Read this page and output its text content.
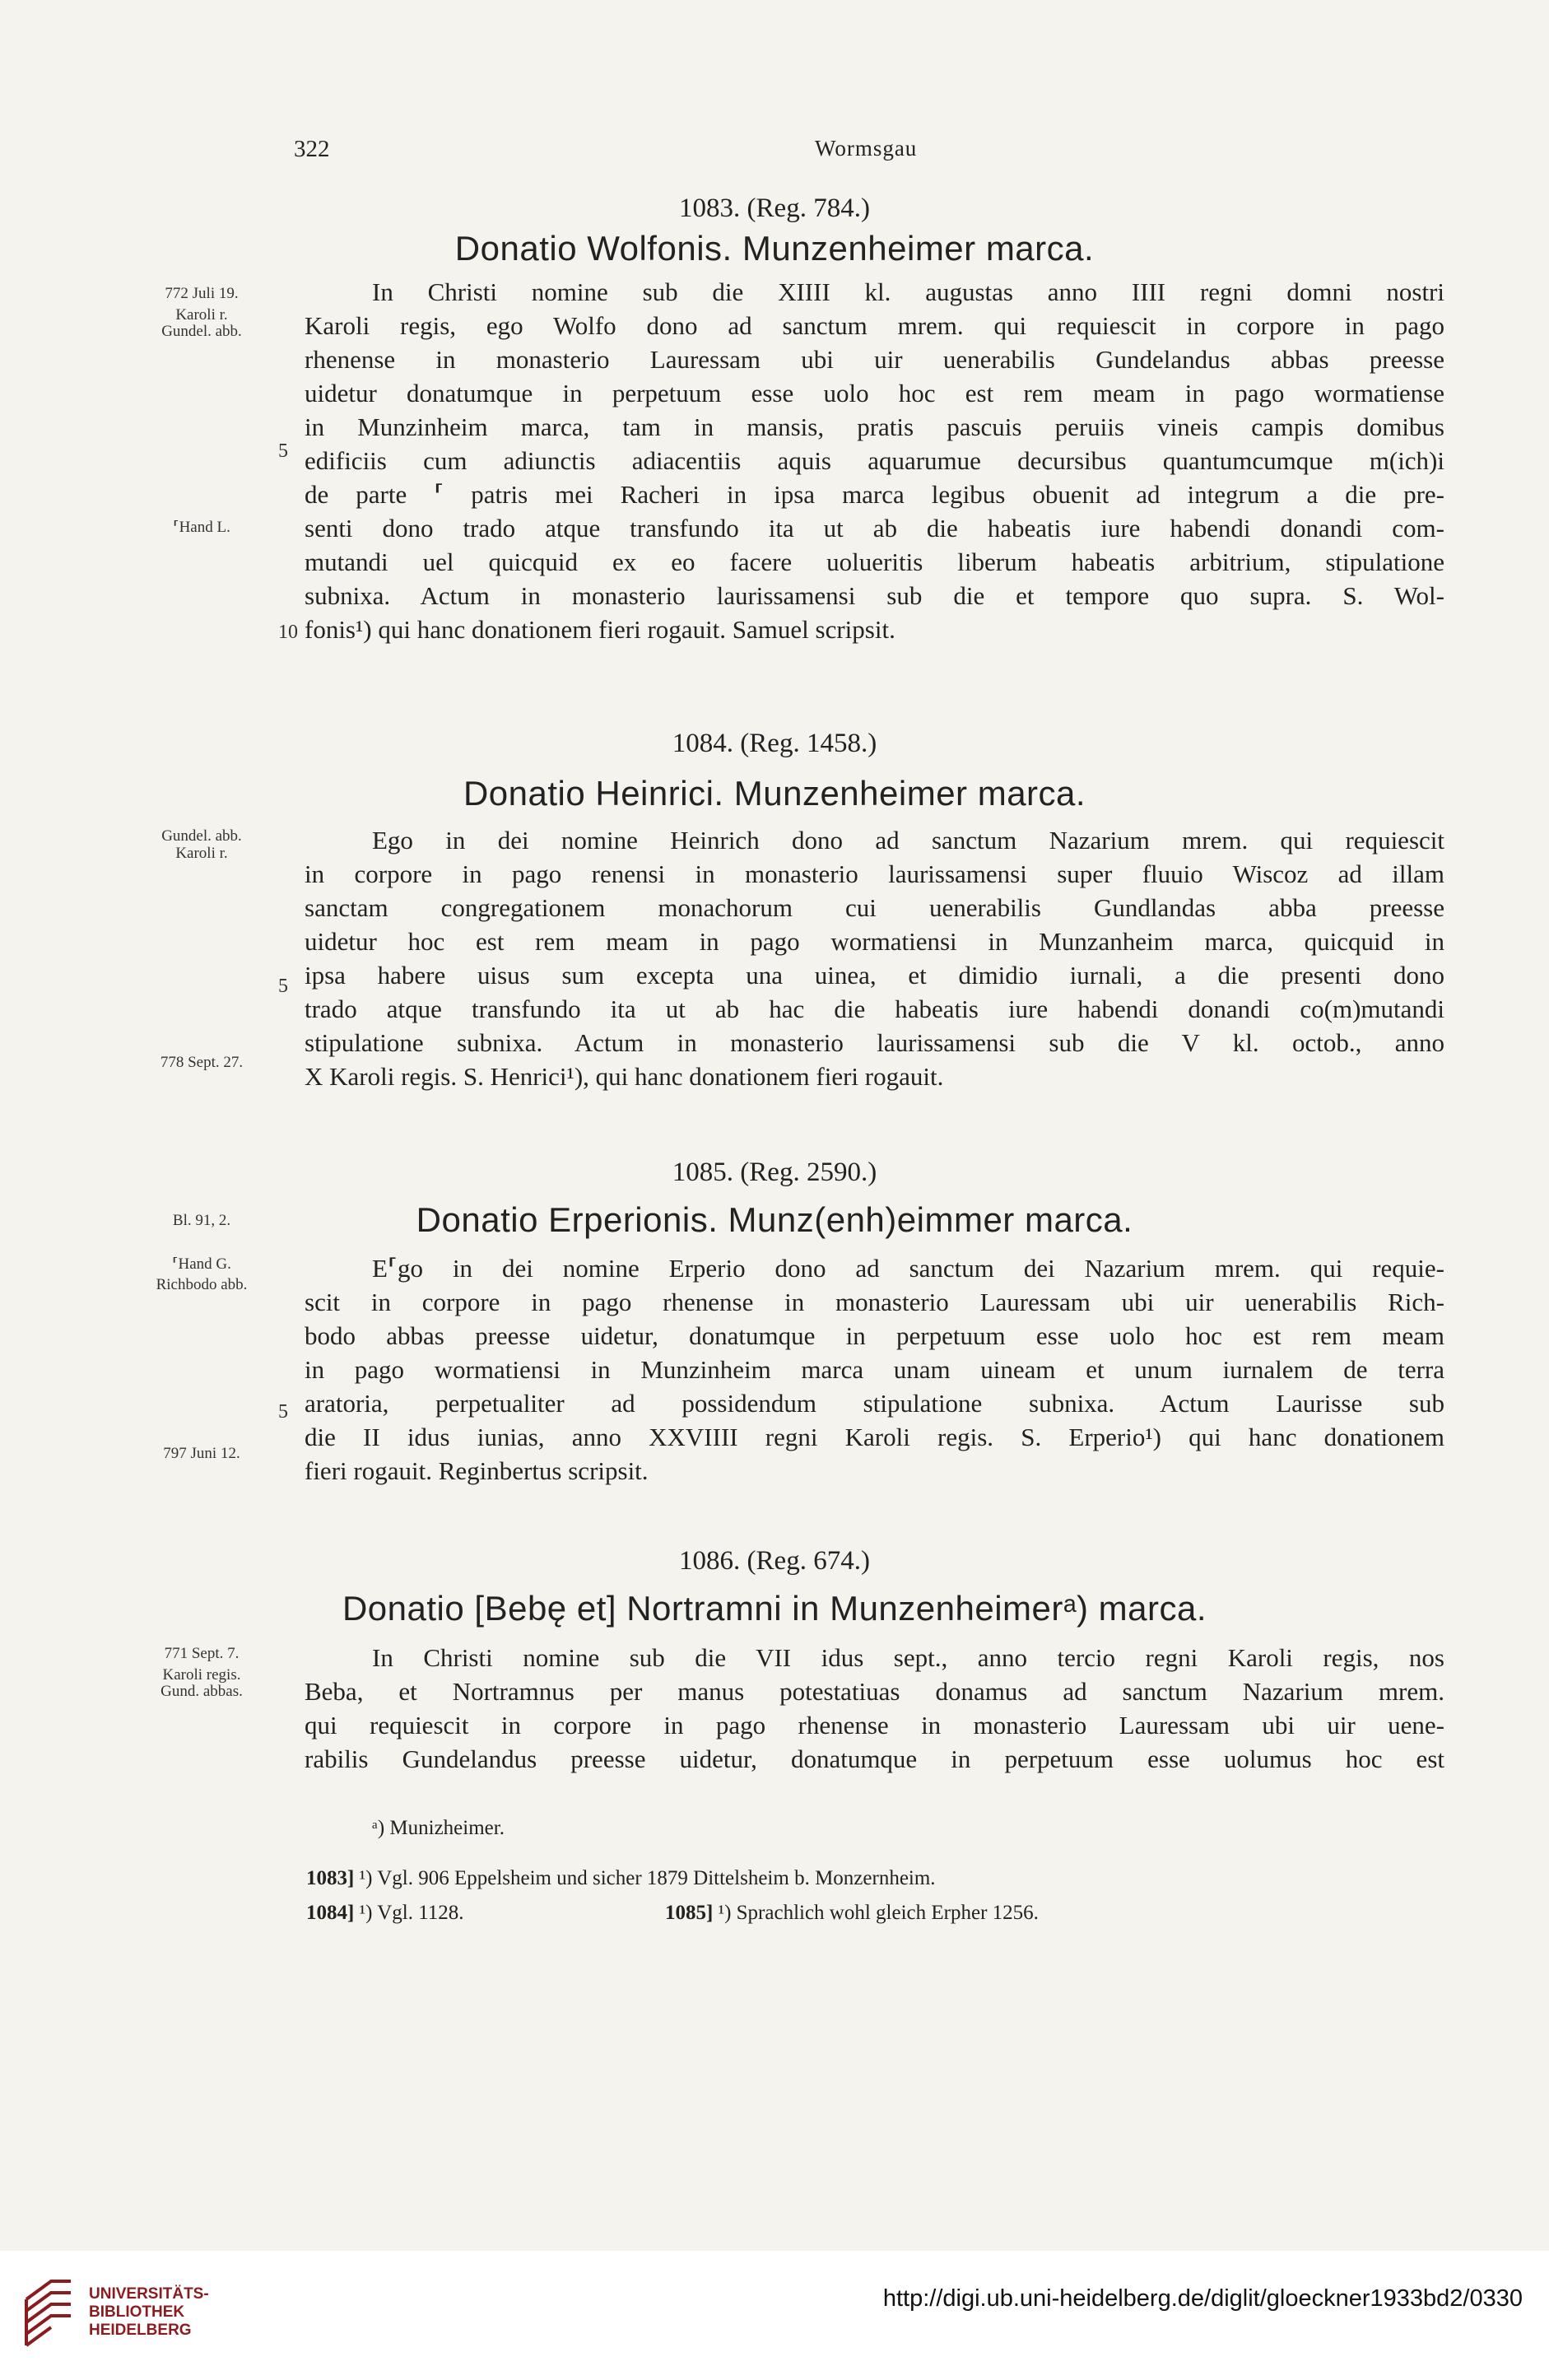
322	Wormsgau
1083. (Reg. 784.)
Donatio Wolfonis. Munzenheimer marca.
772 Juli 19.
Karoli r.
Gundel. abb.
⸢Hand L.
5
10
In Christi nomine sub die XIIII kl. augustas anno IIII regni domni nostri
Karoli regis, ego Wolfo dono ad sanctum mrem. qui requiescit in corpore in pago
rhenense in monasterio Lauressam ubi uir uenerabilis Gundelandus abbas preesse
uidetur donatumque in perpetuum esse uolo hoc est rem meam in pago wormatiense
in Munzinheim marca, tam in mansis, pratis pascuis peruiis vineis campis domibus
edificiis cum adiunctis adiacentiis aquis aquarumue decursibus quantumcumque m(ich)i
de parte ⸢ patris mei Racheri in ipsa marca legibus obuenit ad integrum a die pre-
senti dono trado atque transfundo ita ut ab die habeatis iure habendi donandi com-
mutandi uel quicquid ex eo facere uolueritis liberum habeatis arbitrium, stipulatione
subnixa. Actum in monasterio laurissamensi sub die et tempore quo supra. S. Wol-
fonis¹) qui hanc donationem fieri rogauit. Samuel scripsit.
1084. (Reg. 1458.)
Donatio Heinrici. Munzenheimer marca.
Gundel. abb.
Karoli r.
778 Sept. 27.
5
Ego in dei nomine Heinrich dono ad sanctum Nazarium mrem. qui requiescit
in corpore in pago renensi in monasterio laurissamensi super fluuio Wiscoz ad illam
sanctam congregationem monachorum cui uenerabilis Gundlandas abba preesse
uidetur hoc est rem meam in pago wormatiensi in Munzanheim marca, quicquid in
ipsa habere uisus sum excepta una uinea, et dimidio iurnali, a die presenti dono
trado atque transfundo ita ut ab hac die habeatis iure habendi donandi co(m)mutandi
stipulatione subnixa. Actum in monasterio laurissamensi sub die V kl. octob., anno
X Karoli regis. S. Henrici¹), qui hanc donationem fieri rogauit.
1085. (Reg. 2590.)
Donatio Erperionis. Munz(enh)eimmer marca.
Bl. 91, 2.
⸢Hand G.
Richbodo abb.
797 Juni 12.
5
E⸢go in dei nomine Erperio dono ad sanctum dei Nazarium mrem. qui requie-
scit in corpore in pago rhenense in monasterio Lauressam ubi uir uenerabilis Rich-
bodo abbas preesse uidetur, donatumque in perpetuum esse uolo hoc est rem meam
in pago wormatiensi in Munzinheim marca unam uineam et unum iurnalem de terra
aratoria, perpetualiter ad possidendum stipulatione subnixa. Actum Laurisse sub
die II idus iunias, anno XXVIIII regni Karoli regis. S. Erperio¹) qui hanc donationem
fieri rogauit. Reginbertus scripsit.
1086. (Reg. 674.)
Donatio [Bebę et] Nortramni in Munzenheimerᵃ) marca.
771 Sept. 7.
Karoli regis.
Gund. abbas.
In Christi nomine sub die VII idus sept., anno tercio regni Karoli regis, nos
Beba, et Nortramnus per manus potestatiuas donamus ad sanctum Nazarium mrem.
qui requiescit in corpore in pago rhenense in monasterio Lauressam ubi uir uene-
rabilis Gundelandus preesse uidetur, donatumque in perpetuum esse uolumus hoc est
ᵃ) Munizheimer.
1083] ¹) Vgl. 906 Eppelsheim und sicher 1879 Dittelsheim b. Monzernheim.
1084] ¹) Vgl. 1128.	1085] ¹) Sprachlich wohl gleich Erpher 1256.
UNIVERSITÄTS-
BIBLIOTHEK
HEIDELBERG
http://digi.ub.uni-heidelberg.de/diglit/gloeckner1933bd2/0330
